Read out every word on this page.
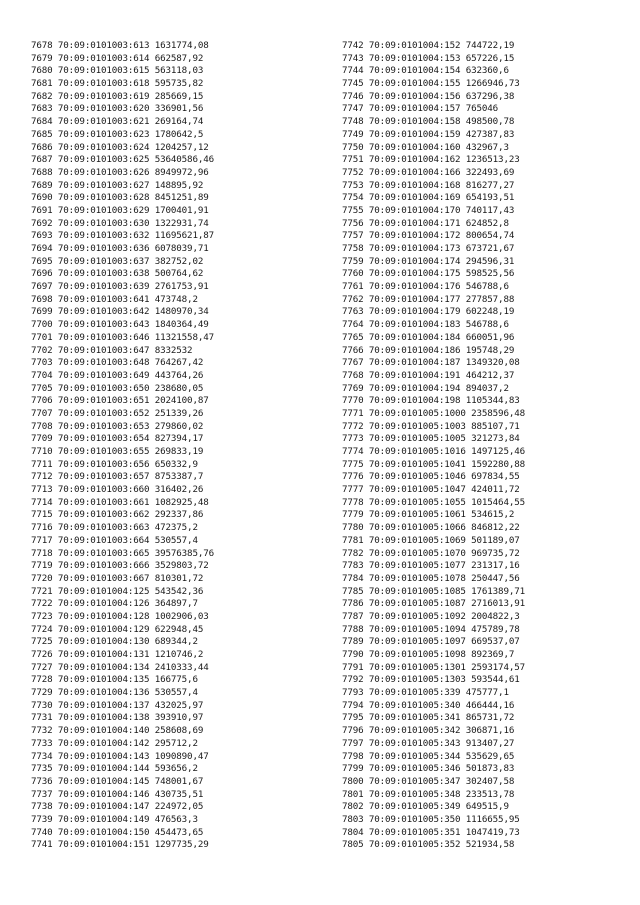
7678 70:09:0101003:613 1631774,08
7679 70:09:0101003:614 662587,92
7680 70:09:0101003:615 563118,03
7681 70:09:0101003:618 595735,82
7682 70:09:0101003:619 285669,15
7683 70:09:0101003:620 336901,56
7684 70:09:0101003:621 269164,74
7685 70:09:0101003:623 1780642,5
7686 70:09:0101003:624 1204257,12
7687 70:09:0101003:625 53640586,46
7688 70:09:0101003:626 8949972,96
7689 70:09:0101003:627 148895,92
7690 70:09:0101003:628 8451251,89
7691 70:09:0101003:629 1700401,91
7692 70:09:0101003:630 1322931,74
7693 70:09:0101003:632 11695621,87
7694 70:09:0101003:636 6078039,71
7695 70:09:0101003:637 382752,02
7696 70:09:0101003:638 500764,62
7697 70:09:0101003:639 2761753,91
7698 70:09:0101003:641 473748,2
7699 70:09:0101003:642 1480970,34
7700 70:09:0101003:643 1840364,49
7701 70:09:0101003:646 11321558,47
7702 70:09:0101003:647 8332532
7703 70:09:0101003:648 764267,42
7704 70:09:0101003:649 443764,26
7705 70:09:0101003:650 238680,05
7706 70:09:0101003:651 2024100,87
7707 70:09:0101003:652 251339,26
7708 70:09:0101003:653 279860,02
7709 70:09:0101003:654 827394,17
7710 70:09:0101003:655 269833,19
7711 70:09:0101003:656 650332,9
7712 70:09:0101003:657 8753387,7
7713 70:09:0101003:660 316402,26
7714 70:09:0101003:661 1082925,48
7715 70:09:0101003:662 292337,86
7716 70:09:0101003:663 472375,2
7717 70:09:0101003:664 530557,4
7718 70:09:0101003:665 39576385,76
7719 70:09:0101003:666 3529803,72
7720 70:09:0101003:667 810301,72
7721 70:09:0101004:125 543542,36
7722 70:09:0101004:126 364897,7
7723 70:09:0101004:128 1002906,03
7724 70:09:0101004:129 622948,45
7725 70:09:0101004:130 689344,2
7726 70:09:0101004:131 1210746,2
7727 70:09:0101004:134 2410333,44
7728 70:09:0101004:135 166775,6
7729 70:09:0101004:136 530557,4
7730 70:09:0101004:137 432025,97
7731 70:09:0101004:138 393910,97
7732 70:09:0101004:140 258608,69
7733 70:09:0101004:142 295712,2
7734 70:09:0101004:143 1090890,47
7735 70:09:0101004:144 593656,2
7736 70:09:0101004:145 748001,67
7737 70:09:0101004:146 430735,51
7738 70:09:0101004:147 224972,05
7739 70:09:0101004:149 476563,3
7740 70:09:0101004:150 454473,65
7741 70:09:0101004:151 1297735,29
7742 70:09:0101004:152 744722,19
7743 70:09:0101004:153 657226,15
7744 70:09:0101004:154 632360,6
7745 70:09:0101004:155 1266946,73
7746 70:09:0101004:156 637296,38
7747 70:09:0101004:157 765046
7748 70:09:0101004:158 498500,78
7749 70:09:0101004:159 427387,83
7750 70:09:0101004:160 432967,3
7751 70:09:0101004:162 1236513,23
7752 70:09:0101004:166 322493,69
7753 70:09:0101004:168 816277,27
7754 70:09:0101004:169 654193,51
7755 70:09:0101004:170 740117,43
7756 70:09:0101004:171 624852,8
7757 70:09:0101004:172 800654,74
7758 70:09:0101004:173 673721,67
7759 70:09:0101004:174 294596,31
7760 70:09:0101004:175 598525,56
7761 70:09:0101004:176 546788,6
7762 70:09:0101004:177 277857,88
7763 70:09:0101004:179 602248,19
7764 70:09:0101004:183 546788,6
7765 70:09:0101004:184 660051,96
7766 70:09:0101004:186 195748,29
7767 70:09:0101004:187 1349320,08
7768 70:09:0101004:191 464212,37
7769 70:09:0101004:194 894037,2
7770 70:09:0101004:198 1105344,83
7771 70:09:0101005:1000 2358596,48
7772 70:09:0101005:1003 885107,71
7773 70:09:0101005:1005 321273,84
7774 70:09:0101005:1016 1497125,46
7775 70:09:0101005:1041 1592280,88
7776 70:09:0101005:1046 697834,55
7777 70:09:0101005:1047 424011,72
7778 70:09:0101005:1055 1015464,55
7779 70:09:0101005:1061 534615,2
7780 70:09:0101005:1066 846812,22
7781 70:09:0101005:1069 501189,07
7782 70:09:0101005:1070 969735,72
7783 70:09:0101005:1077 231317,16
7784 70:09:0101005:1078 250447,56
7785 70:09:0101005:1085 1761389,71
7786 70:09:0101005:1087 2716013,91
7787 70:09:0101005:1092 2004822,3
7788 70:09:0101005:1094 475789,78
7789 70:09:0101005:1097 669537,07
7790 70:09:0101005:1098 892369,7
7791 70:09:0101005:1301 2593174,57
7792 70:09:0101005:1303 593544,61
7793 70:09:0101005:339 475777,1
7794 70:09:0101005:340 466444,16
7795 70:09:0101005:341 865731,72
7796 70:09:0101005:342 306871,16
7797 70:09:0101005:343 913407,27
7798 70:09:0101005:344 535629,65
7799 70:09:0101005:346 501873,83
7800 70:09:0101005:347 302407,58
7801 70:09:0101005:348 233513,78
7802 70:09:0101005:349 649515,9
7803 70:09:0101005:350 1116655,95
7804 70:09:0101005:351 1047419,73
7805 70:09:0101005:352 521934,58
